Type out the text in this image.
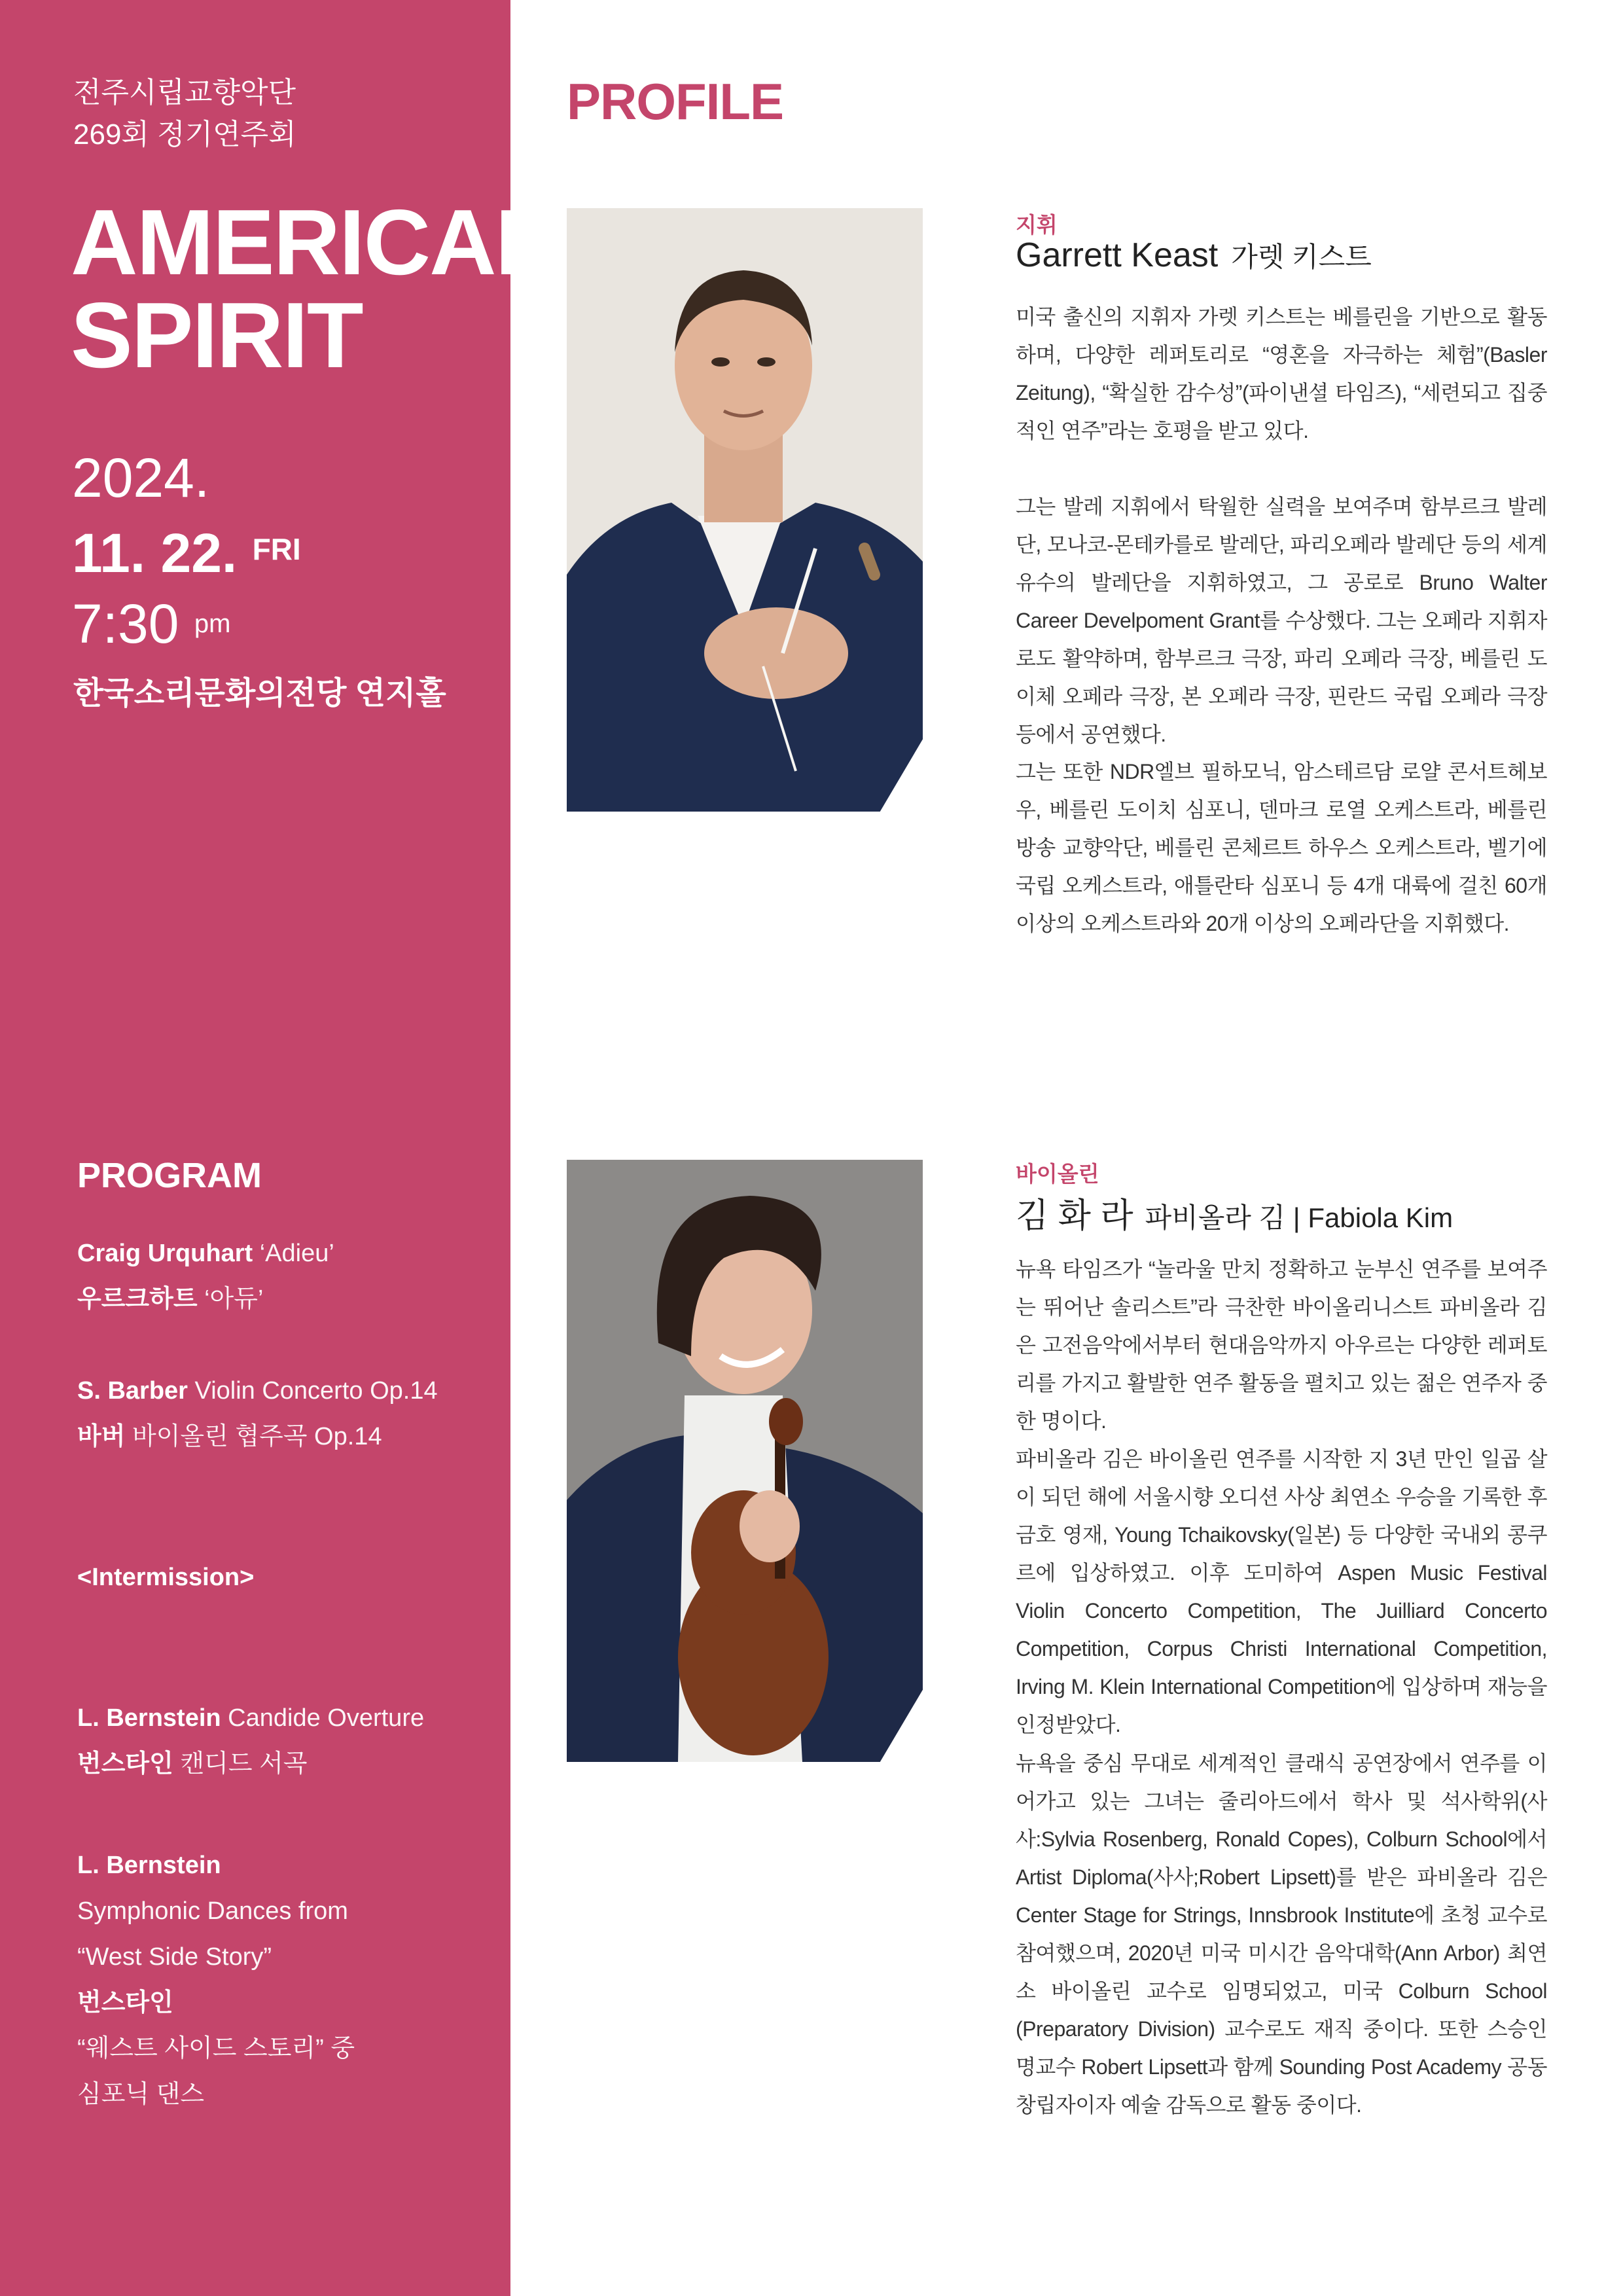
전주시립교향악단
269회 정기연주회
AMERICAN
SPIRIT
2024.
11. 22. $^{FRI}$
7:30 $^{pm}$
한국소리문화의전당 연지홀
PROGRAM
Craig Urquhart ‘Adieu’
우르크하트 ‘아듀’
S. Barber Violin Concerto Op.14
바버 바이올린 협주곡 Op.14
<Intermission>
L. Bernstein Candide Overture
번스타인 캔디드 서곡
L. Bernstein
Symphonic Dances from
“West Side Story”
번스타인
“웨스트 사이드 스토리” 중
심포닉 댄스
PROFILE
지휘
Garrett Keast 가렛 키스트
미국 출신의 지휘자 가렛 키스트는 베를린을 기반으로 활동하며, 다양한 레퍼토리로 “영혼을 자극하는 체험”(Basler Zeitung), “확실한 감수성”(파이낸셜 타임즈), “세련되고 집중적인 연주”라는 호평을 받고 있다.
그는 발레 지휘에서 탁월한 실력을 보여주며 함부르크 발레단, 모나코-몬테카를로 발레단, 파리오페라 발레단 등의 세계 유수의 발레단을 지휘하였고, 그 공로로 Bruno Walter Career Develpoment Grant를 수상했다. 그는 오페라 지휘자로도 활약하며, 함부르크 극장, 파리 오페라 극장, 베를린 도이체 오페라 극장, 본 오페라 극장, 핀란드 국립 오페라 극장 등에서 공연했다.
그는 또한 NDR엘브 필하모닉, 암스테르담 로얄 콘서트헤보우, 베를린 도이치 심포니, 덴마크 로열 오케스트라, 베를린 방송 교향악단, 베를린 콘체르트 하우스 오케스트라, 벨기에 국립 오케스트라, 애틀란타 심포니 등 4개 대륙에 걸친 60개 이상의 오케스트라와 20개 이상의 오페라단을 지휘했다.
바이올린
김 화 라 파비올라 김 | Fabiola Kim
뉴욕 타임즈가 “놀라울 만치 정확하고 눈부신 연주를 보여주는 뛰어난 솔리스트”라 극찬한 바이올리니스트 파비올라 김은 고전음악에서부터 현대음악까지 아우르는 다양한 레퍼토리를 가지고 활발한 연주 활동을 펼치고 있는 젊은 연주자 중 한 명이다.
파비올라 김은 바이올린 연주를 시작한 지 3년 만인 일곱 살이 되던 해에 서울시향 오디션 사상 최연소 우승을 기록한 후 금호 영재, Young Tchaikovsky(일본) 등 다양한 국내외 콩쿠르에 입상하였고. 이후 도미하여 Aspen Music Festival Violin Concerto Competition, The Juilliard Concerto Competition, Corpus Christi International Competition, Irving M. Klein International Competition에 입상하며 재능을 인정받았다.
뉴욕을 중심 무대로 세계적인 클래식 공연장에서 연주를 이어가고 있는 그녀는 줄리아드에서 학사 및 석사학위(사사:Sylvia Rosenberg, Ronald Copes), Colburn School에서 Artist Diploma(사사;Robert Lipsett)를 받은 파비올라 김은 Center Stage for Strings, Innsbrook Institute에 초청 교수로 참여했으며, 2020년 미국 미시간 음악대학(Ann Arbor) 최연소 바이올린 교수로 임명되었고, 미국 Colburn School (Preparatory Division) 교수로도 재직 중이다. 또한 스승인 명교수 Robert Lipsett과 함께 Sounding Post Academy 공동 창립자이자 예술 감독으로 활동 중이다.
